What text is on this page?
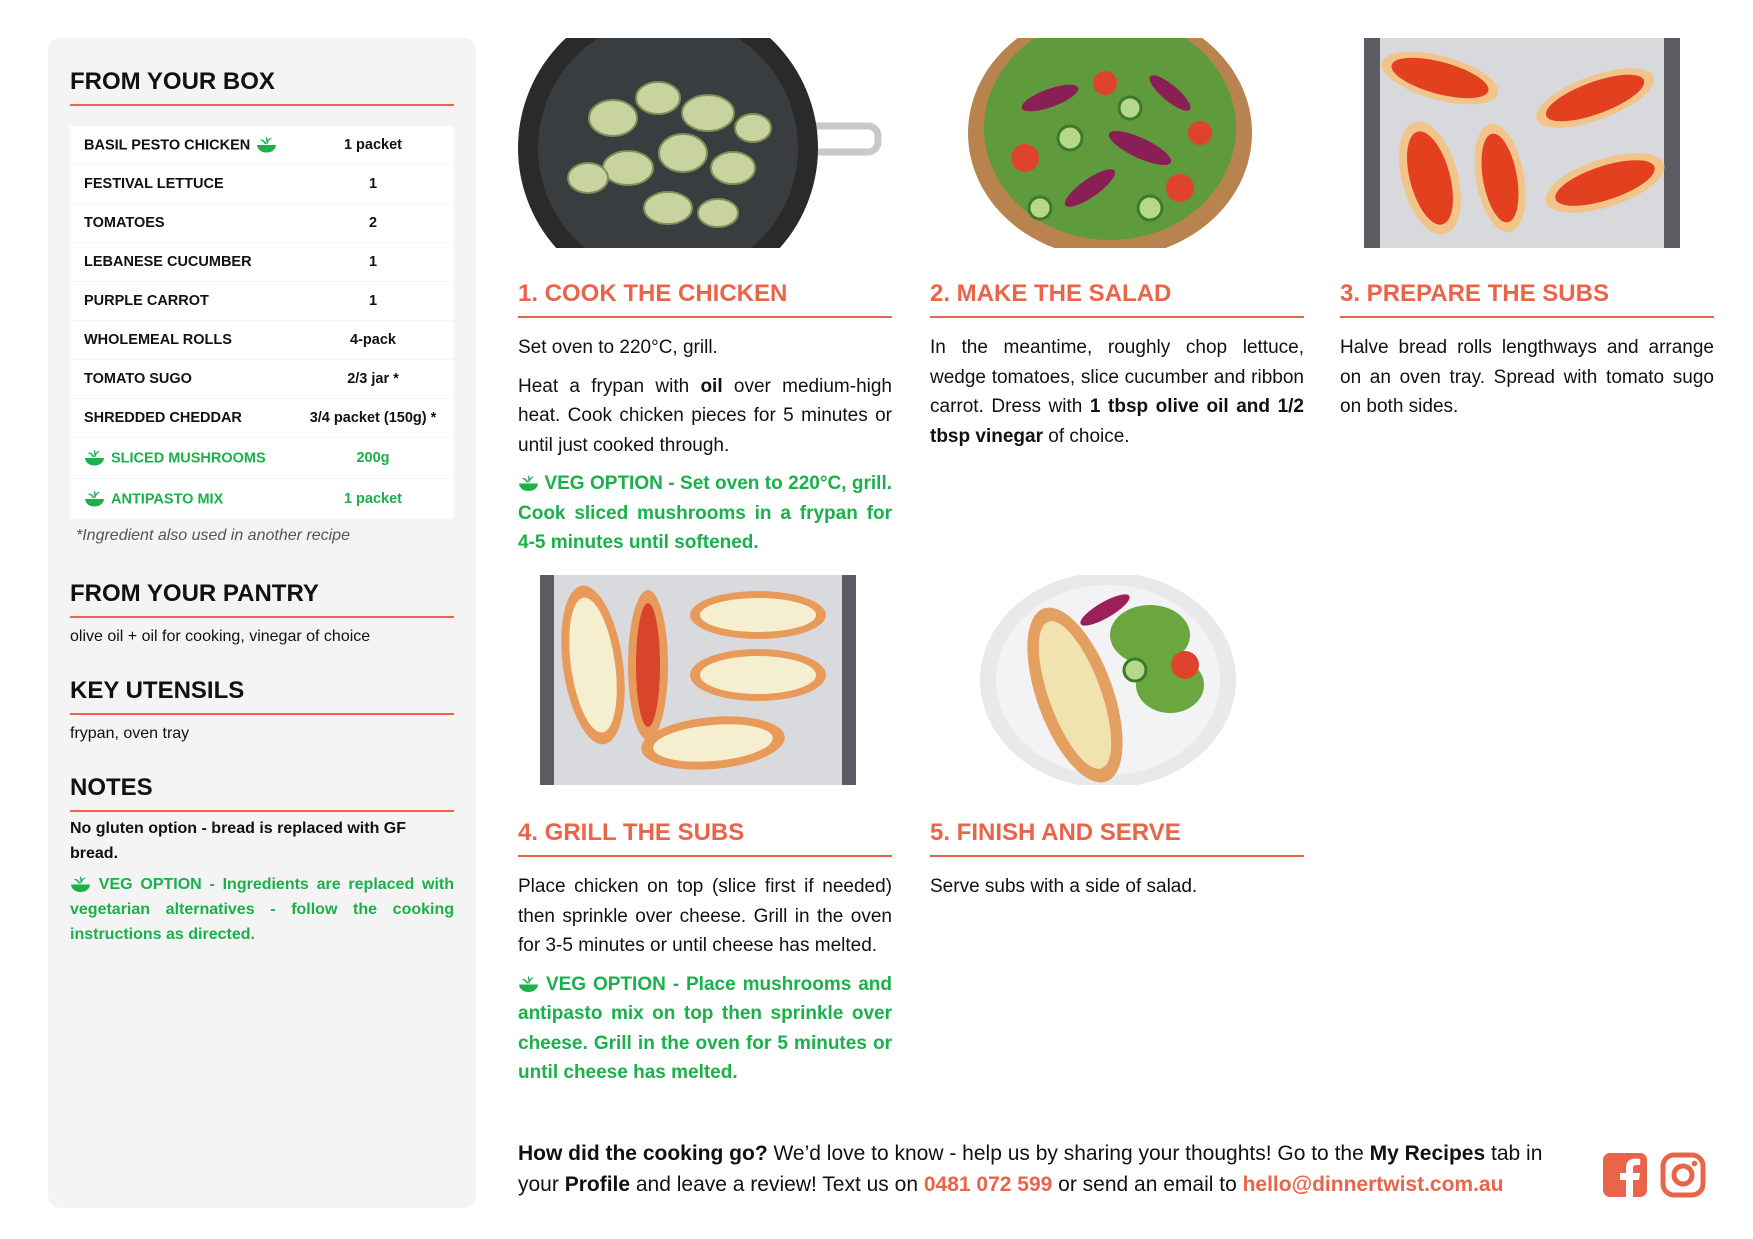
FROM YOUR BOX
BASIL PESTO CHICKEN	1 packet
FESTIVAL LETTUCE	1
TOMATOES	2
LEBANESE CUCUMBER	1
PURPLE CARROT	1
WHOLEMEAL ROLLS	4-pack
TOMATO SUGO	2/3 jar *
SHREDDED CHEDDAR	3/4 packet (150g) *
SLICED MUSHROOMS	200g
ANTIPASTO MIX	1 packet
*Ingredient also used in another recipe
FROM YOUR PANTRY
olive oil + oil for cooking, vinegar of choice
KEY UTENSILS
frypan, oven tray
NOTES
No gluten option - bread is replaced with GF bread.
VEG OPTION - Ingredients are replaced with vegetarian alternatives - follow the cooking instructions as directed.
1. COOK THE CHICKEN

Set oven to 220°C, grill.

Heat a frypan with oil over medium-high heat. Cook chicken pieces for 5 minutes or until just cooked through.

VEG OPTION - Set oven to 220°C, grill. Cook sliced mushrooms in a frypan for 4-5 minutes until softened.

2. MAKE THE SALAD

In the meantime, roughly chop lettuce, wedge tomatoes, slice cucumber and ribbon carrot. Dress with 1 tbsp olive oil and 1/2 tbsp vinegar of choice.

3. PREPARE THE SUBS

Halve bread rolls lengthways and arrange on an oven tray. Spread with tomato sugo on both sides.

4. GRILL THE SUBS

Place chicken on top (slice first if needed) then sprinkle over cheese. Grill in the oven for 3-5 minutes or until cheese has melted.

VEG OPTION - Place mushrooms and antipasto mix on top then sprinkle over cheese. Grill in the oven for 5 minutes or until cheese has melted.

5. FINISH AND SERVE

Serve subs with a side of salad.

How did the cooking go? We’d love to know - help us by sharing your thoughts! Go to the My Recipes tab in your Profile and leave a review! Text us on 0481 072 599 or send an email to hello@dinnertwist.com.au
